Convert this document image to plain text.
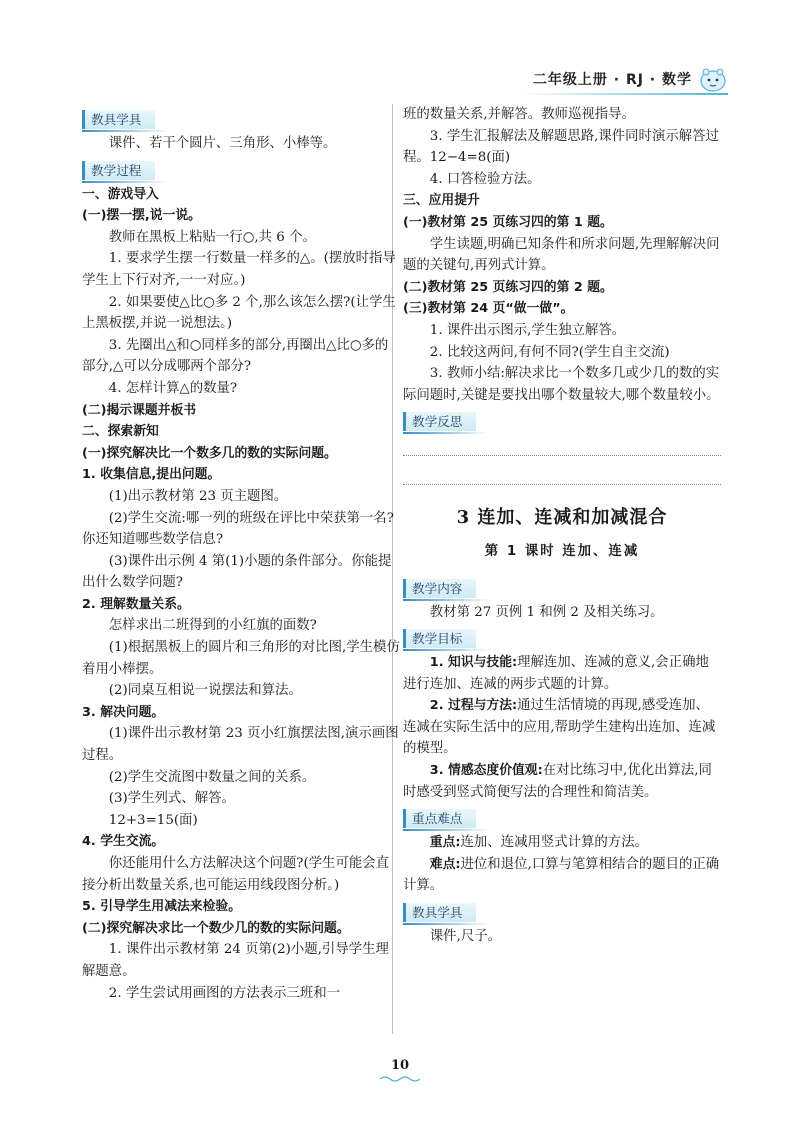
二年级上册 · RJ · 数学
教具学具

课件、若干个圆片、三角形、小棒等。

教学过程

一、游戏导入

(一)摆一摆,说一说。

教师在黑板上粘贴一行○,共 6 个。

1. 要求学生摆一行数量一样多的△。(摆放时指导学生上下行对齐,一一对应。)

2. 如果要使△比○多 2 个,那么该怎么摆?(让学生上黑板摆,并说一说想法。)

3. 先圈出△和○同样多的部分,再圈出△比○多的部分,△可以分成哪两个部分?

4. 怎样计算△的数量?

(二)揭示课题并板书

二、探索新知

(一)探究解决比一个数多几的数的实际问题。

1. 收集信息,提出问题。

(1)出示教材第 23 页主题图。

(2)学生交流:哪一列的班级在评比中荣获第一名?你还知道哪些数学信息?

(3)课件出示例 4 第(1)小题的条件部分。你能提出什么数学问题?

2. 理解数量关系。

怎样求出二班得到的小红旗的面数?

(1)根据黑板上的圆片和三角形的对比图,学生模仿着用小棒摆。

(2)同桌互相说一说摆法和算法。

3. 解决问题。

(1)课件出示教材第 23 页小红旗摆法图,演示画图过程。

(2)学生交流图中数量之间的关系。

(3)学生列式、解答。

12+3=15(面)

4. 学生交流。

你还能用什么方法解决这个问题?(学生可能会直接分析出数量关系,也可能运用线段图分析。)

5. 引导学生用减法来检验。

(二)探究解决求比一个数少几的数的实际问题。

1. 课件出示教材第 24 页第(2)小题,引导学生理解题意。

2. 学生尝试用画图的方法表示三班和一

班的数量关系,并解答。教师巡视指导。

3. 学生汇报解法及解题思路,课件同时演示解答过程。12−4=8(面)

4. 口答检验方法。

三、应用提升

(一)教材第 25 页练习四的第 1 题。

学生读题,明确已知条件和所求问题,先理解解决问题的关键句,再列式计算。

(二)教材第 25 页练习四的第 2 题。

(三)教材第 24 页“做一做”。

1. 课件出示图示,学生独立解答。

2. 比较这两问,有何不同?(学生自主交流)

3. 教师小结:解决求比一个数多几或少几的数的实际问题时,关键是要找出哪个数量较大,哪个数量较小。

教学反思
3 连加、连减和加减混合
第 1 课时 连加、连减
教学内容

教材第 27 页例 1 和例 2 及相关练习。

教学目标

1. 知识与技能:理解连加、连减的意义,会正确地进行连加、连减的两步式题的计算。

2. 过程与方法:通过生活情境的再现,感受连加、连减在实际生活中的应用,帮助学生建构出连加、连减的模型。

3. 情感态度价值观:在对比练习中,优化出算法,同时感受到竖式简便写法的合理性和简洁美。

重点难点

重点:连加、连减用竖式计算的方法。

难点:进位和退位,口算与笔算相结合的题目的正确计算。

教具学具

课件,尺子。

10
